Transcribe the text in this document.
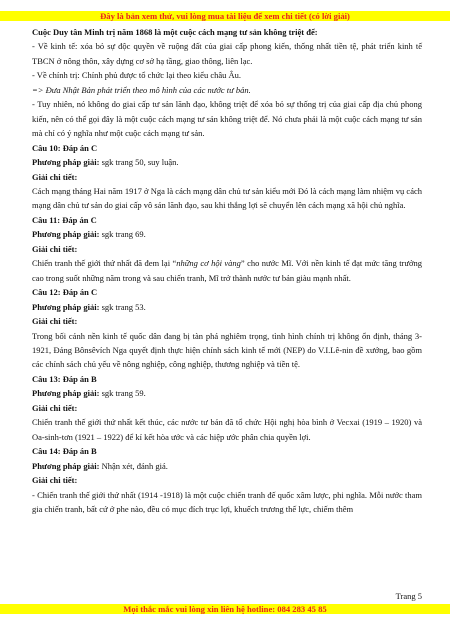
Đây là bản xem thử, vui lòng mua tài liệu để xem chi tiết (có lời giải)

Cuộc Duy tân Minh trị năm 1868 là một cuộc cách mạng tư sản không triệt để:

- Về kinh tế: xóa bỏ sự độc quyền về ruộng đất của giai cấp phong kiến, thống nhất tiền tệ, phát triển kinh tế TBCN ở nông thôn, xây dựng cơ sở hạ tầng, giao thông, liên lạc.

- Về chính trị: Chính phủ được tổ chức lại theo kiểu châu Âu.

=> Đưa Nhật Bản phát triển theo mô hình của các nước tư bản.

- Tuy nhiên, nó không do giai cấp tư sản lãnh đạo, không triệt để xóa bỏ sự thống trị của giai cấp địa chủ phong kiến, nên có thể gọi đây là một cuộc cách mạng tư sản không triệt để. Nó chưa phải là một cuộc cách mạng tư sản mà chỉ có ý nghĩa như một cuộc cách mạng tư sản.

Câu 10: Đáp án C

Phương pháp giải: sgk trang 50, suy luận.

Giải chi tiết:

Cách mạng tháng Hai năm 1917 ở Nga là cách mạng dân chủ tư sản kiểu mới Đó là cách mạng làm nhiệm vụ cách mạng dân chủ tư sản do giai cấp vô sản lãnh đạo, sau khi thắng lợi sẽ chuyển lên cách mạng xã hội chủ nghĩa.

Câu 11: Đáp án C

Phương pháp giải: sgk trang 69.

Giải chi tiết:

Chiến tranh thế giới thứ nhất đã đem lại “những cơ hội vàng” cho nước Mĩ. Với nền kinh tế đạt mức tăng trưởng cao trong suốt những năm trong và sau chiến tranh, Mĩ trở thành nước tư bản giàu mạnh nhất.

Câu 12: Đáp án C

Phương pháp giải: sgk trang 53.

Giải chi tiết:

Trong bối cảnh nền kinh tế quốc dân đang bị tàn phá nghiêm trọng, tình hình chính trị không ổn định, tháng 3-1921, Đảng Bônsêvích Nga quyết định thực hiện chính sách kinh tế mới (NEP) do V.I.Lê-nin đề xướng, bao gồm các chính sách chủ yếu về nông nghiệp, công nghiệp, thương nghiệp và tiền tệ.

Câu 13: Đáp án B

Phương pháp giải: sgk trang 59.

Giải chi tiết:

Chiến tranh thế giới thứ nhất kết thúc, các nước tư bản đã tổ chức Hội nghị hòa bình ở Vecxai (1919 – 1920) và Oa-sinh-tơn (1921 – 1922) để kí kết hòa ước và các hiệp ước phân chia quyền lợi.

Câu 14: Đáp án B

Phương pháp giải: Nhận xét, đánh giá.

Giải chi tiết:

- Chiến tranh thế giới thứ nhất (1914 -1918) là một cuộc chiến tranh đế quốc xâm lược, phi nghĩa. Mỗi nước tham gia chiến tranh, bất cứ ở phe nào, đều có mục đích trục lợi, khuếch trương thế lực, chiếm thêm

Trang 5
Mọi thắc mắc vui lòng xin liên hệ hotline: 084 283 45 85
